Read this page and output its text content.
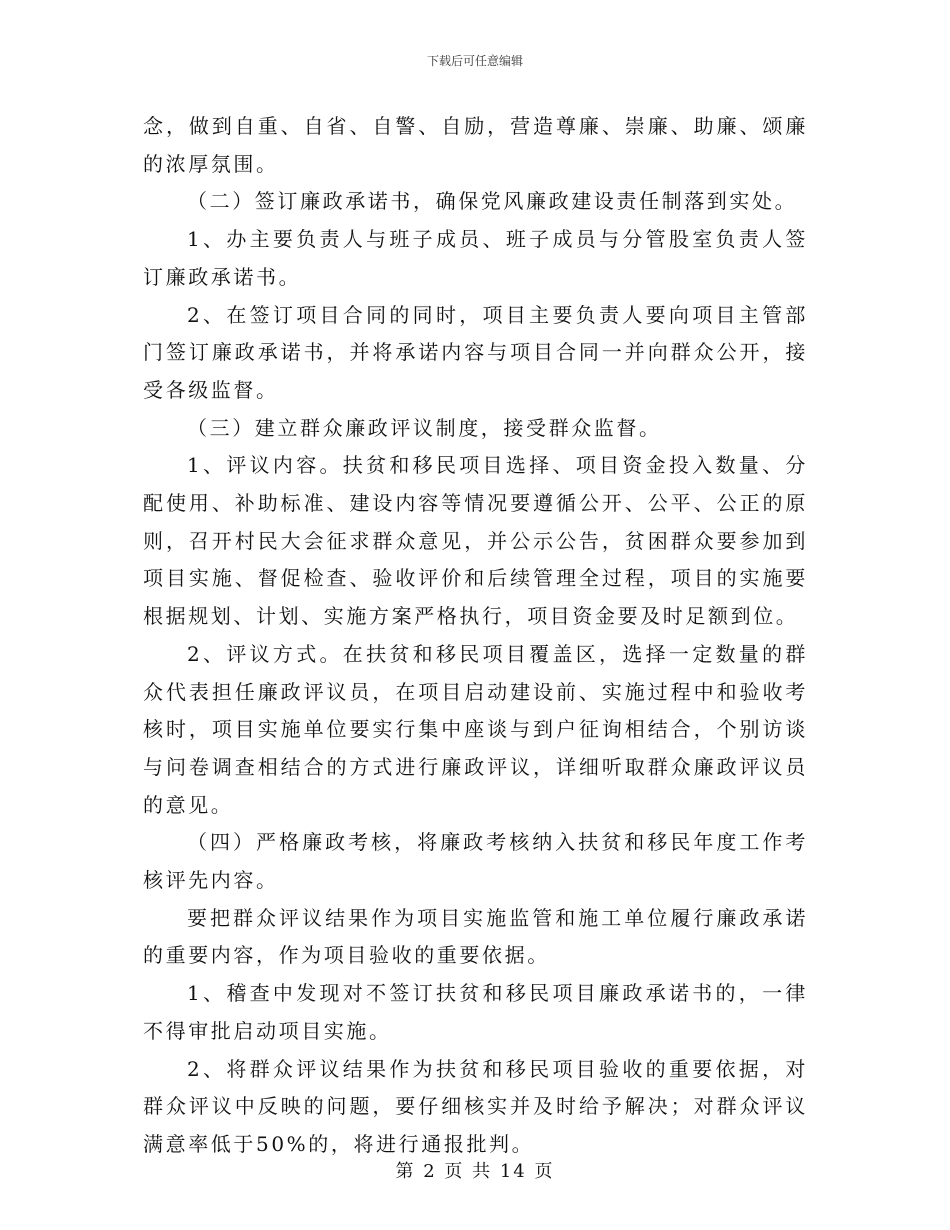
下载后可任意编辑

念，做到自重、自省、自警、自励，营造尊廉、崇廉、助廉、颂廉的浓厚氛围。

（二）签订廉政承诺书，确保党风廉政建设责任制落到实处。

1、办主要负责人与班子成员、班子成员与分管股室负责人签订廉政承诺书。

2、在签订项目合同的同时，项目主要负责人要向项目主管部门签订廉政承诺书，并将承诺内容与项目合同一并向群众公开，接受各级监督。

（三）建立群众廉政评议制度，接受群众监督。

1、评议内容。扶贫和移民项目选择、项目资金投入数量、分配使用、补助标准、建设内容等情况要遵循公开、公平、公正的原则，召开村民大会征求群众意见，并公示公告，贫困群众要参加到项目实施、督促检查、验收评价和后续管理全过程，项目的实施要根据规划、计划、实施方案严格执行，项目资金要及时足额到位。

2、评议方式。在扶贫和移民项目覆盖区，选择一定数量的群众代表担任廉政评议员，在项目启动建设前、实施过程中和验收考核时，项目实施单位要实行集中座谈与到户征询相结合，个别访谈与问卷调查相结合的方式进行廉政评议，详细听取群众廉政评议员的意见。

（四）严格廉政考核，将廉政考核纳入扶贫和移民年度工作考核评先内容。

要把群众评议结果作为项目实施监管和施工单位履行廉政承诺的重要内容，作为项目验收的重要依据。

1、稽查中发现对不签订扶贫和移民项目廉政承诺书的，一律不得审批启动项目实施。

2、将群众评议结果作为扶贫和移民项目验收的重要依据，对群众评议中反映的问题，要仔细核实并及时给予解决；对群众评议满意率低于50%的，将进行通报批判。

第 2 页 共 14 页
